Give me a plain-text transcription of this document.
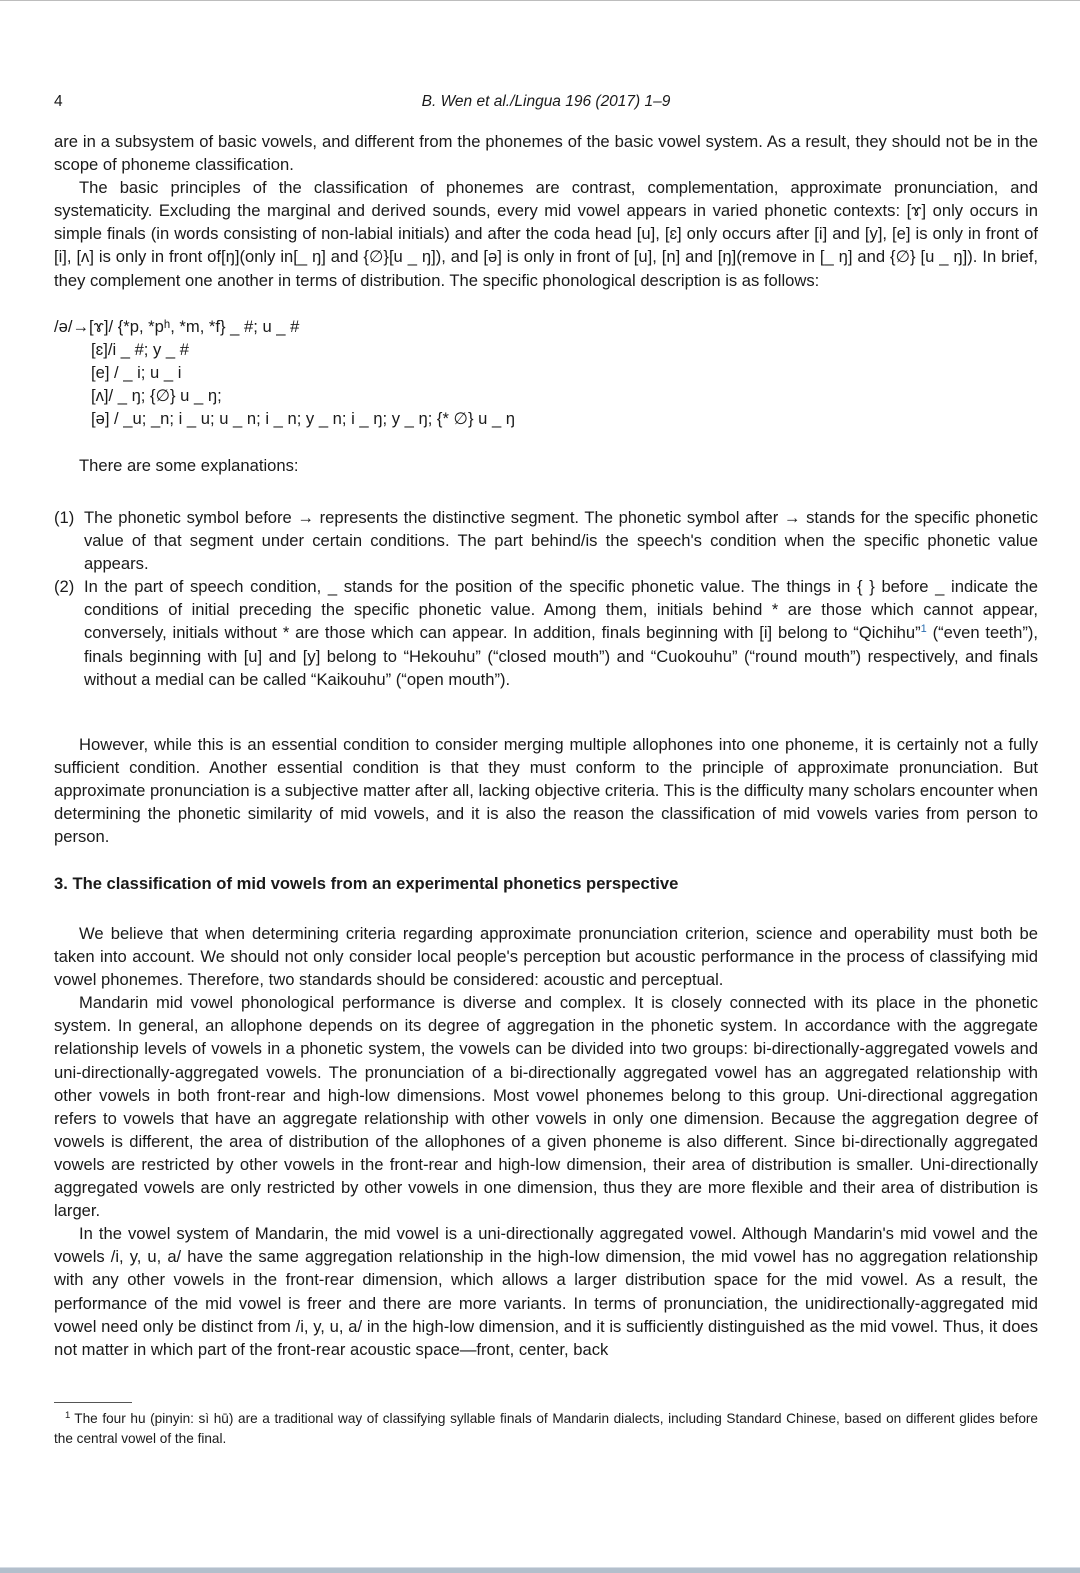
4	B. Wen et al./Lingua 196 (2017) 1–9

are in a subsystem of basic vowels, and different from the phonemes of the basic vowel system. As a result, they should not be in the scope of phoneme classification.

The basic principles of the classification of phonemes are contrast, complementation, approximate pronunciation, and systematicity. Excluding the marginal and derived sounds, every mid vowel appears in varied phonetic contexts: [ɤ] only occurs in simple finals (in words consisting of non-labial initials) and after the coda head [u], [ɛ] only occurs after [i] and [y], [e] is only in front of [i], [ʌ] is only in front of[ŋ](only in[_ ŋ] and {∅}[u _ ŋ]), and [ə] is only in front of [u], [n] and [ŋ](remove in [_ ŋ] and {∅} [u _ ŋ]). In brief, they complement one another in terms of distribution. The specific phonological description is as follows:

/ə/→[ɤ]/ {*p, *pʰ, *m, *f} _ #; u _ #
[ɛ]/i _ #; y _ #
[e] / _ i; u _ i
[ʌ]/ _ ŋ; {∅} u _ ŋ;
[ə] / _u; _n; i _ u; u _ n; i _ n; y _ n; i _ ŋ; y _ ŋ; {* ∅} u _ ŋ
There are some explanations:
(1) The phonetic symbol before → represents the distinctive segment. The phonetic symbol after → stands for the specific phonetic value of that segment under certain conditions. The part behind/is the speech's condition when the specific phonetic value appears.
(2) In the part of speech condition, _ stands for the position of the specific phonetic value. The things in { } before _ indicate the conditions of initial preceding the specific phonetic value. Among them, initials behind * are those which cannot appear, conversely, initials without * are those which can appear. In addition, finals beginning with [i] belong to “Qichihu”$^1$ (“even teeth”), finals beginning with [u] and [y] belong to “Hekouhu” (“closed mouth”) and “Cuokouhu” (“round mouth”) respectively, and finals without a medial can be called “Kaikouhu” (“open mouth”).

However, while this is an essential condition to consider merging multiple allophones into one phoneme, it is certainly not a fully sufficient condition. Another essential condition is that they must conform to the principle of approximate pronunciation. But approximate pronunciation is a subjective matter after all, lacking objective criteria. This is the difficulty many scholars encounter when determining the phonetic similarity of mid vowels, and it is also the reason the classification of mid vowels varies from person to person.

3. The classification of mid vowels from an experimental phonetics perspective

We believe that when determining criteria regarding approximate pronunciation criterion, science and operability must both be taken into account. We should not only consider local people's perception but acoustic performance in the process of classifying mid vowel phonemes. Therefore, two standards should be considered: acoustic and perceptual.

Mandarin mid vowel phonological performance is diverse and complex. It is closely connected with its place in the phonetic system. In general, an allophone depends on its degree of aggregation in the phonetic system. In accordance with the aggregate relationship levels of vowels in a phonetic system, the vowels can be divided into two groups: bi-directionally-aggregated vowels and uni-directionally-aggregated vowels. The pronunciation of a bi-directionally aggregated vowel has an aggregated relationship with other vowels in both front-rear and high-low dimensions. Most vowel phonemes belong to this group. Uni-directional aggregation refers to vowels that have an aggregate relationship with other vowels in only one dimension. Because the aggregation degree of vowels is different, the area of distribution of the allophones of a given phoneme is also different. Since bi-directionally aggregated vowels are restricted by other vowels in the front-rear and high-low dimension, their area of distribution is smaller. Uni-directionally aggregated vowels are only restricted by other vowels in one dimension, thus they are more flexible and their area of distribution is larger.

In the vowel system of Mandarin, the mid vowel is a uni-directionally aggregated vowel. Although Mandarin's mid vowel and the vowels /i, y, u, a/ have the same aggregation relationship in the high-low dimension, the mid vowel has no aggregation relationship with any other vowels in the front-rear dimension, which allows a larger distribution space for the mid vowel. As a result, the performance of the mid vowel is freer and there are more variants. In terms of pronunciation, the unidirectionally-aggregated mid vowel need only be distinct from /i, y, u, a/ in the high-low dimension, and it is sufficiently distinguished as the mid vowel. Thus, it does not matter in which part of the front-rear acoustic space—front, center, back

$^1$ The four hu (pinyin: sì hū) are a traditional way of classifying syllable finals of Mandarin dialects, including Standard Chinese, based on different glides before the central vowel of the final.
